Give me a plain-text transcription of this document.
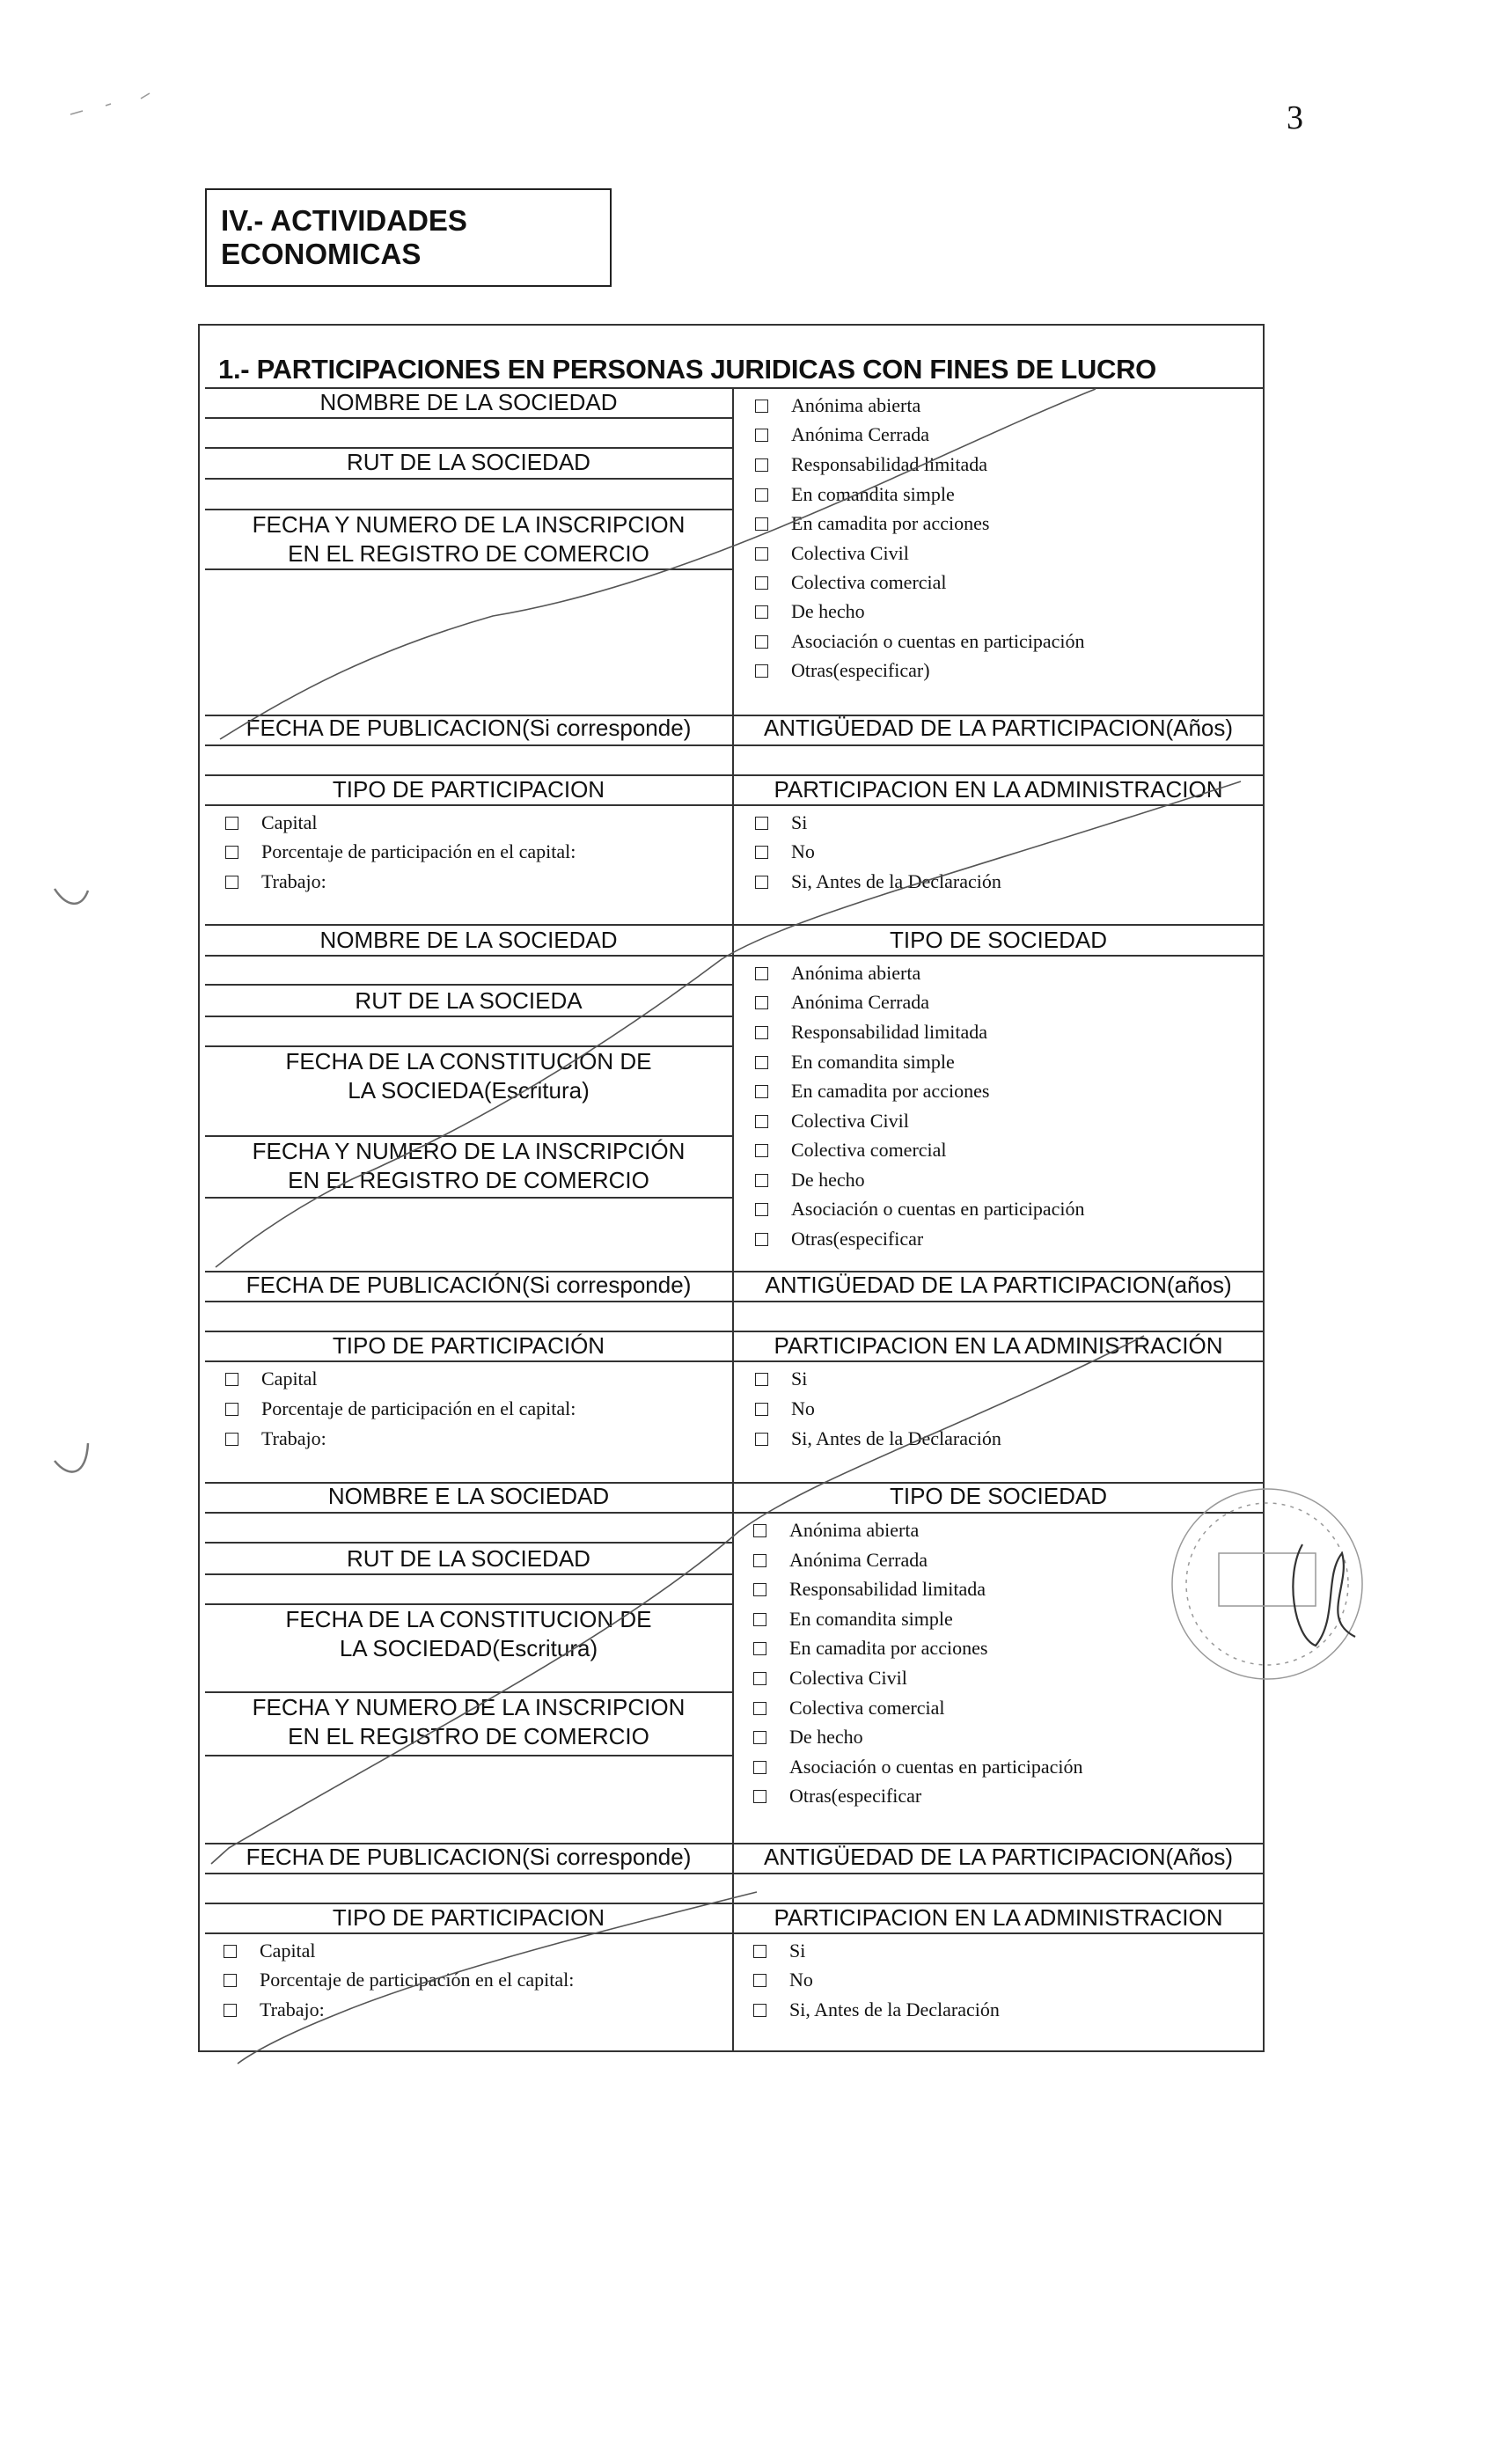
3
IV.- ACTIVIDADES ECONOMICAS
1.- PARTICIPACIONES EN PERSONAS JURIDICAS CON FINES DE LUCRO
NOMBRE DE LA SOCIEDAD
RUT DE LA SOCIEDAD
FECHA Y NUMERO DE LA INSCRIPCION EN EL REGISTRO DE COMERCIO
FECHA DE PUBLICACION(Si corresponde)	ANTIGÜEDAD DE LA PARTICIPACION(Años)
TIPO DE PARTICIPACION	PARTICIPACION EN LA ADMINISTRACION
Anónima abierta
Anónima Cerrada
Responsabilidad limitada
En comandita simple
En camadita por acciones
Colectiva Civil
Colectiva comercial
De hecho
Asociación o cuentas en participación
Otras(especificar)
Capital
Porcentaje de participación en el capital:
Trabajo:
Si
No
Si, Antes de la Declaración
NOMBRE DE LA SOCIEDAD	TIPO DE SOCIEDAD
RUT DE LA SOCIEDA
FECHA DE LA CONSTITUCION DE LA SOCIEDA(Escritura)
FECHA Y NUMERO DE LA INSCRIPCIÓN EN EL REGISTRO DE COMERCIO
FECHA DE PUBLICACIÓN(Si corresponde)	ANTIGÜEDAD DE LA PARTICIPACION(años)
TIPO DE PARTICIPACIÓN	PARTICIPACION EN LA ADMINISTRACIÓN
Anónima abierta
Anónima Cerrada
Responsabilidad limitada
En comandita simple
En camadita por acciones
Colectiva Civil
Colectiva comercial
De hecho
Asociación o cuentas en participación
Otras(especificar
Capital
Porcentaje de participación en el capital:
Trabajo:
Si
No
Si, Antes de la Declaración
NOMBRE E LA SOCIEDAD	TIPO DE SOCIEDAD
RUT DE LA SOCIEDAD
FECHA DE LA CONSTITUCION DE LA SOCIEDAD(Escritura)
FECHA Y NUMERO DE LA INSCRIPCION EN EL REGISTRO DE COMERCIO
FECHA DE PUBLICACION(Si corresponde)	ANTIGÜEDAD DE LA PARTICIPACION(Años)
TIPO DE PARTICIPACION	PARTICIPACION EN LA ADMINISTRACION
Anónima abierta
Anónima Cerrada
Responsabilidad limitada
En comandita simple
En camadita por acciones
Colectiva Civil
Colectiva comercial
De hecho
Asociación o cuentas en participación
Otras(especificar
Capital
Porcentaje de participación en el capital:
Trabajo:
Si
No
Si, Antes de la Declaración
